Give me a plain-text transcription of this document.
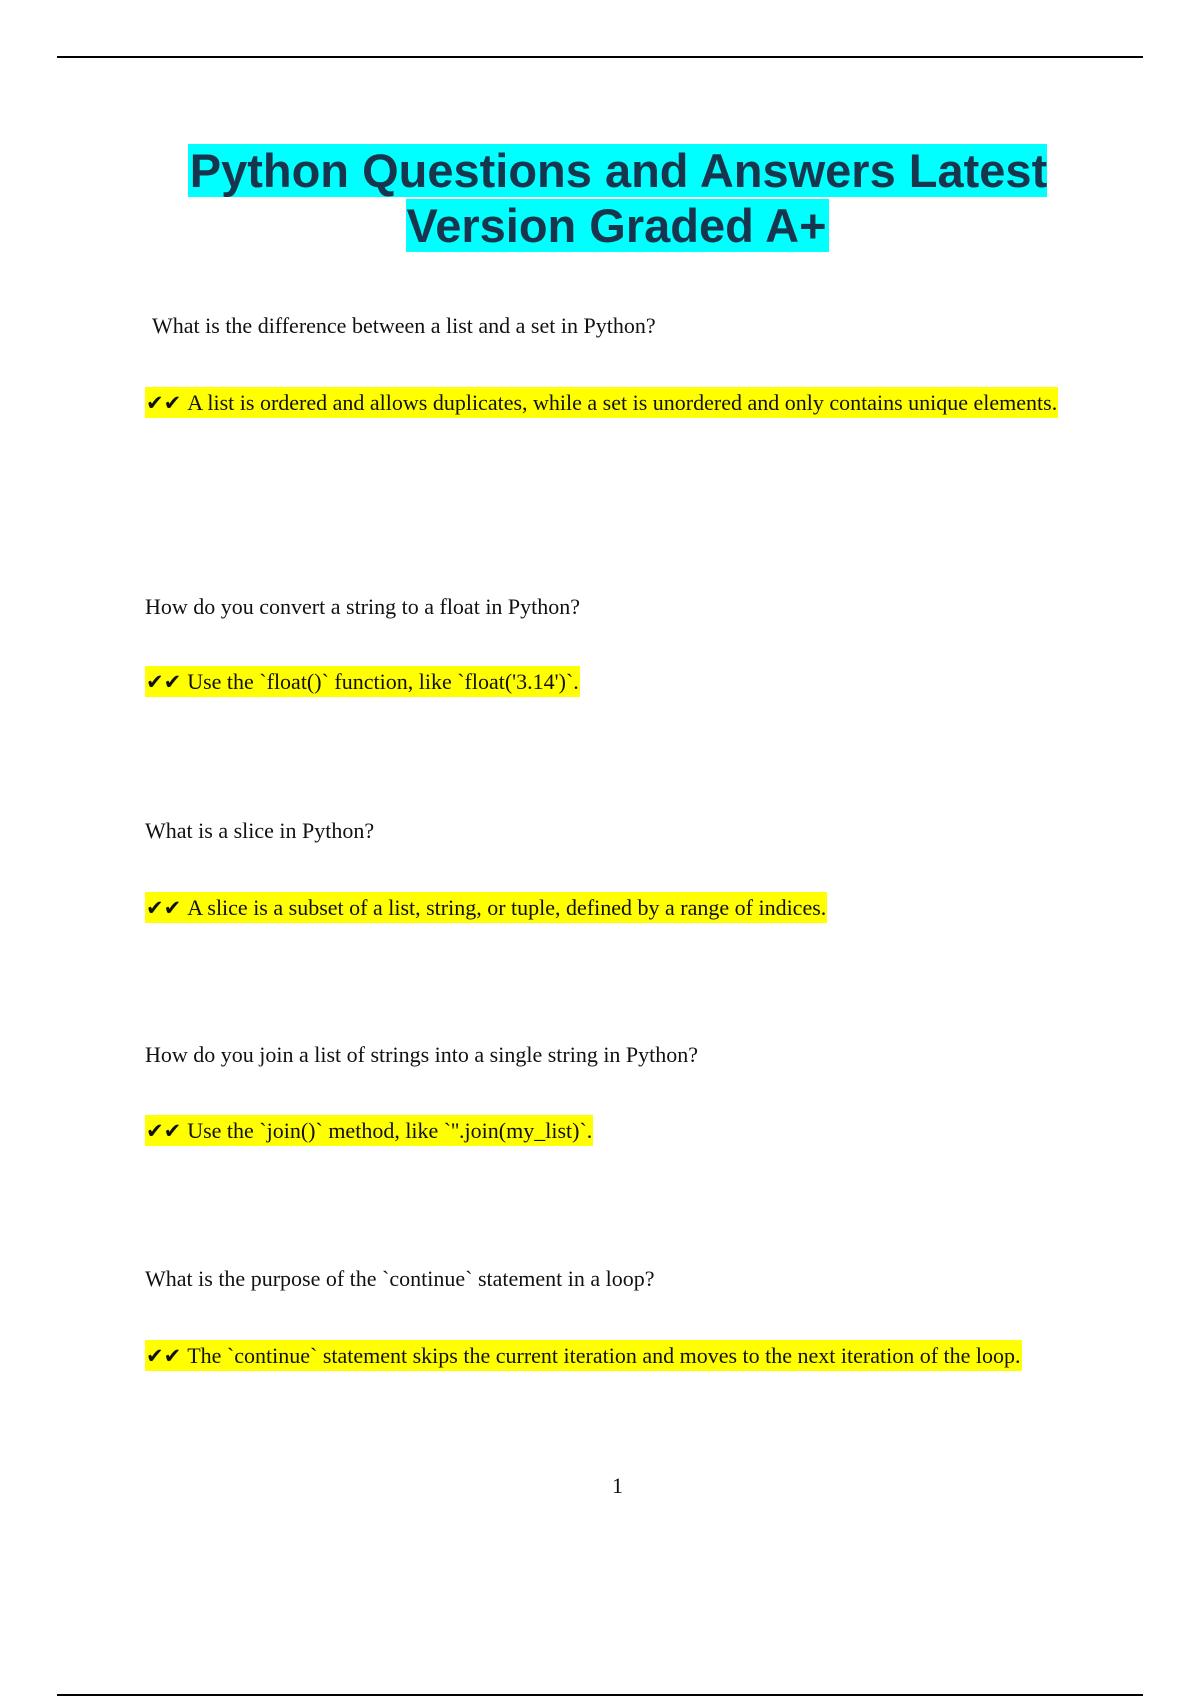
Python Questions and Answers Latest Version Graded A+

What is the difference between a list and a set in Python?

✔✔ A list is ordered and allows duplicates, while a set is unordered and only contains unique elements.

How do you convert a string to a float in Python?

✔✔ Use the `float()` function, like `float('3.14')`.

What is a slice in Python?

✔✔ A slice is a subset of a list, string, or tuple, defined by a range of indices.

How do you join a list of strings into a single string in Python?

✔✔ Use the `join()` method, like `''.join(my_list)`.

What is the purpose of the `continue` statement in a loop?

✔✔ The `continue` statement skips the current iteration and moves to the next iteration of the loop.

1
